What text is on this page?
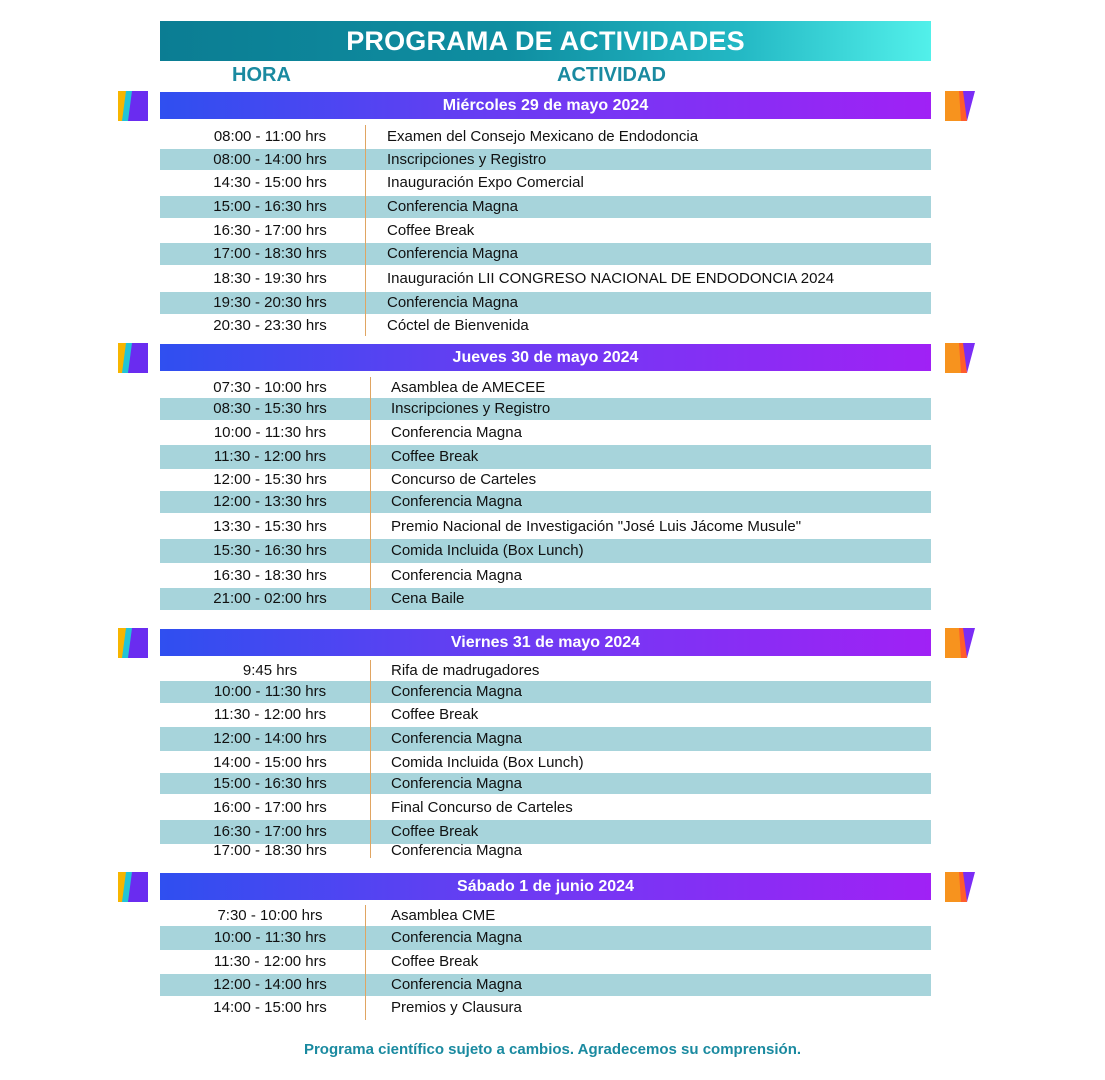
PROGRAMA DE ACTIVIDADES
HORA	ACTIVIDAD
Miércoles 29 de mayo 2024
08:00 - 11:00 hrs	Examen del Consejo Mexicano de Endodoncia
08:00 - 14:00 hrs	Inscripciones y Registro
14:30 - 15:00 hrs	Inauguración Expo Comercial
15:00 - 16:30 hrs	Conferencia Magna
16:30 - 17:00 hrs	Coffee Break
17:00 - 18:30 hrs	Conferencia Magna
18:30 - 19:30 hrs	Inauguración LII CONGRESO NACIONAL DE ENDODONCIA 2024
19:30 - 20:30 hrs	Conferencia Magna
20:30 - 23:30 hrs	Cóctel de Bienvenida
Jueves 30 de mayo 2024
07:30 - 10:00 hrs	Asamblea de AMECEE
08:30 - 15:30 hrs	Inscripciones y Registro
10:00 - 11:30 hrs	Conferencia Magna
11:30 - 12:00 hrs	Coffee Break
12:00 - 15:30 hrs	Concurso de Carteles
12:00 - 13:30 hrs	Conferencia Magna
13:30 - 15:30 hrs	Premio Nacional de Investigación "José Luis Jácome Musule"
15:30 - 16:30 hrs	Comida Incluida (Box Lunch)
16:30 - 18:30 hrs	Conferencia Magna
21:00 - 02:00 hrs	Cena Baile
Viernes 31 de mayo 2024
9:45 hrs	Rifa de madrugadores
10:00 - 11:30 hrs	Conferencia Magna
11:30 - 12:00 hrs	Coffee Break
12:00 - 14:00 hrs	Conferencia Magna
14:00 - 15:00 hrs	Comida Incluida (Box Lunch)
15:00 - 16:30 hrs	Conferencia Magna
16:00 - 17:00 hrs	Final Concurso de Carteles
16:30 - 17:00 hrs	Coffee Break
17:00 - 18:30 hrs	Conferencia Magna
Sábado 1 de junio 2024
7:30 - 10:00 hrs	Asamblea CME
10:00 - 11:30 hrs	Conferencia Magna
11:30 - 12:00 hrs	Coffee Break
12:00 - 14:00 hrs	Conferencia Magna
14:00 - 15:00 hrs	Premios y Clausura
Programa científico sujeto a cambios. Agradecemos su comprensión.
